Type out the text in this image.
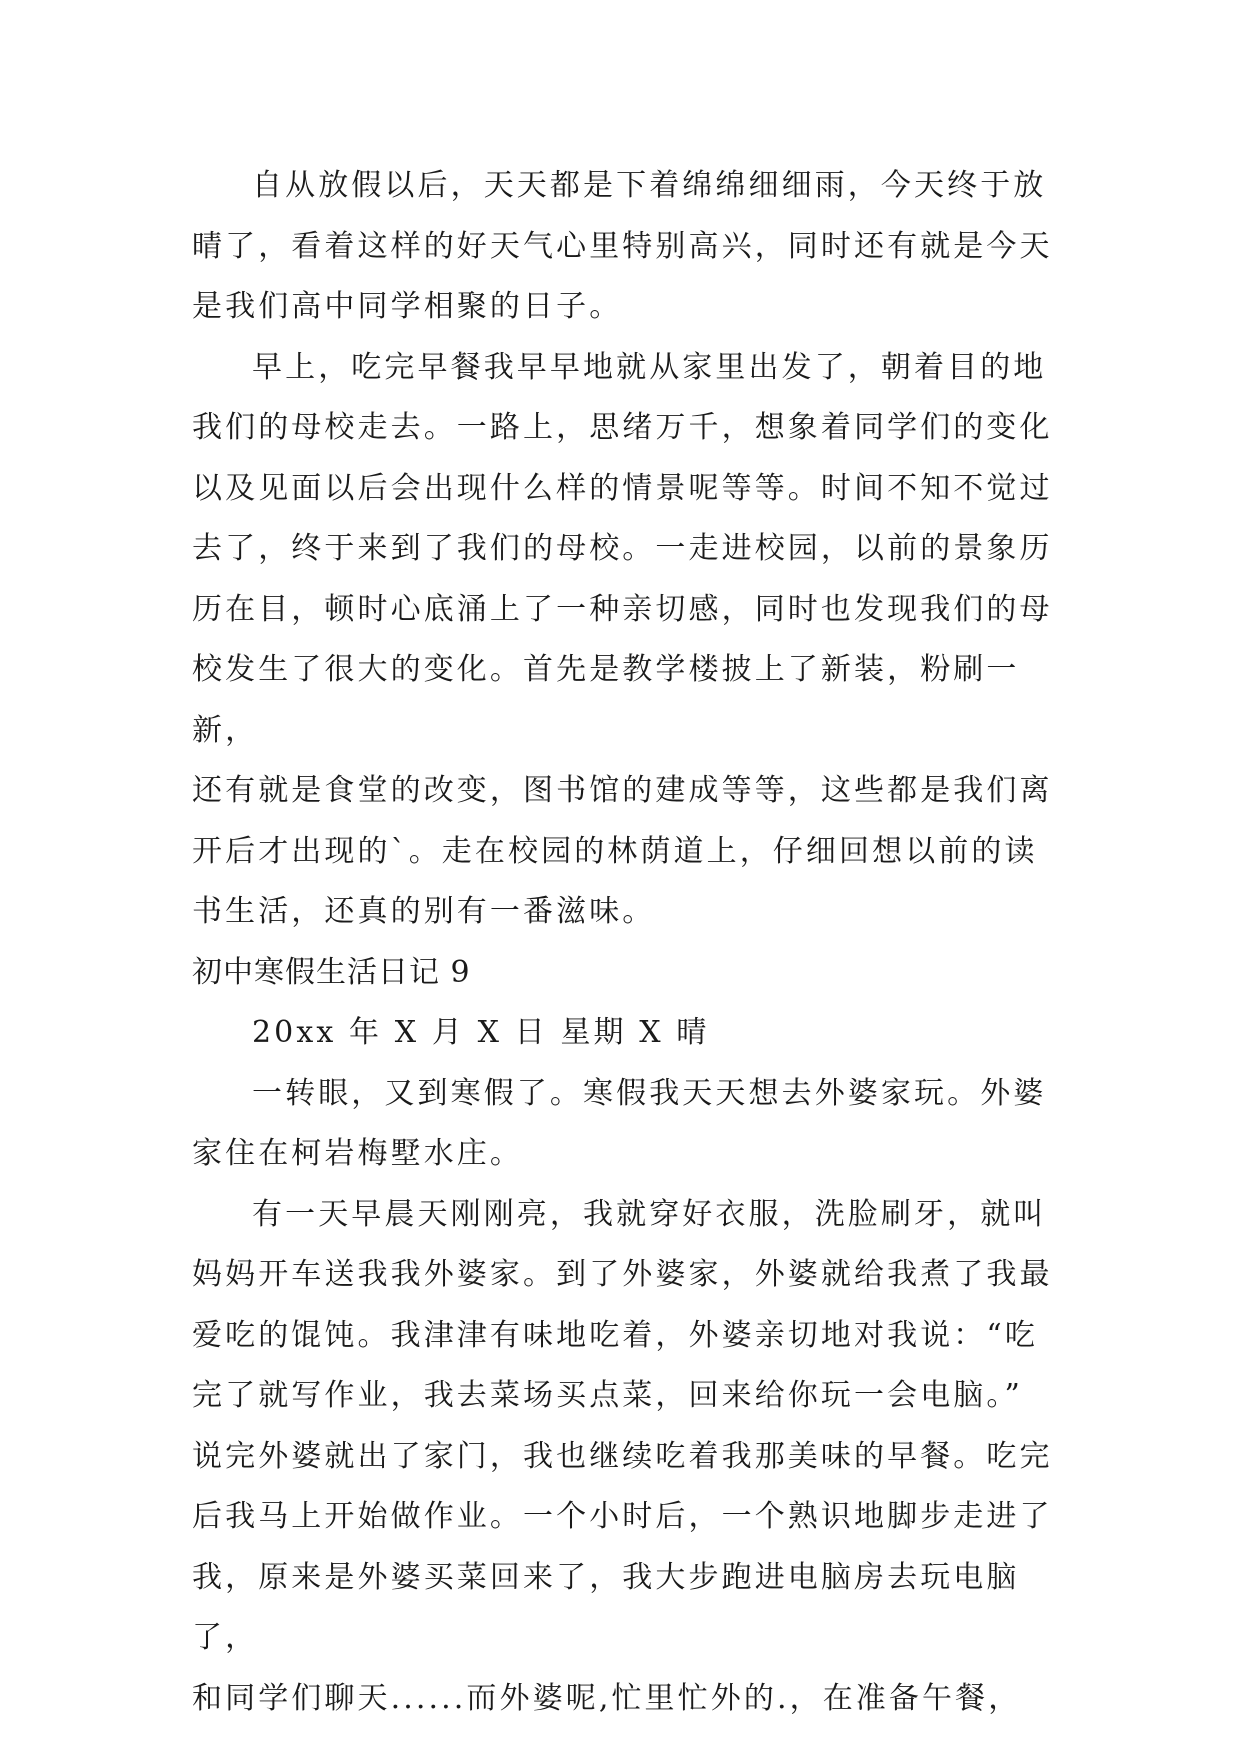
自从放假以后，天天都是下着绵绵细细雨，今天终于放
晴了，看着这样的好天气心里特别高兴，同时还有就是今天
是我们高中同学相聚的日子。

早上，吃完早餐我早早地就从家里出发了，朝着目的地
我们的母校走去。一路上，思绪万千，想象着同学们的变化
以及见面以后会出现什么样的情景呢等等。时间不知不觉过
去了，终于来到了我们的母校。一走进校园，以前的景象历
历在目，顿时心底涌上了一种亲切感，同时也发现我们的母
校发生了很大的变化。首先是教学楼披上了新装，粉刷一新，
还有就是食堂的改变，图书馆的建成等等，这些都是我们离
开后才出现的`。走在校园的林荫道上，仔细回想以前的读
书生活，还真的别有一番滋味。

初中寒假生活日记 9

20xx 年 X 月 X 日 星期 X 晴

一转眼，又到寒假了。寒假我天天想去外婆家玩。外婆
家住在柯岩梅墅水庄。

有一天早晨天刚刚亮，我就穿好衣服，洗脸刷牙，就叫
妈妈开车送我我外婆家。到了外婆家，外婆就给我煮了我最
爱吃的馄饨。我津津有味地吃着，外婆亲切地对我说：“吃
完了就写作业，我去菜场买点菜，回来给你玩一会电脑。”
说完外婆就出了家门，我也继续吃着我那美味的早餐。吃完
后我马上开始做作业。一个小时后，一个熟识地脚步走进了
我，原来是外婆买菜回来了，我大步跑进电脑房去玩电脑了，
和同学们聊天......而外婆呢,忙里忙外的.，在准备午餐，
